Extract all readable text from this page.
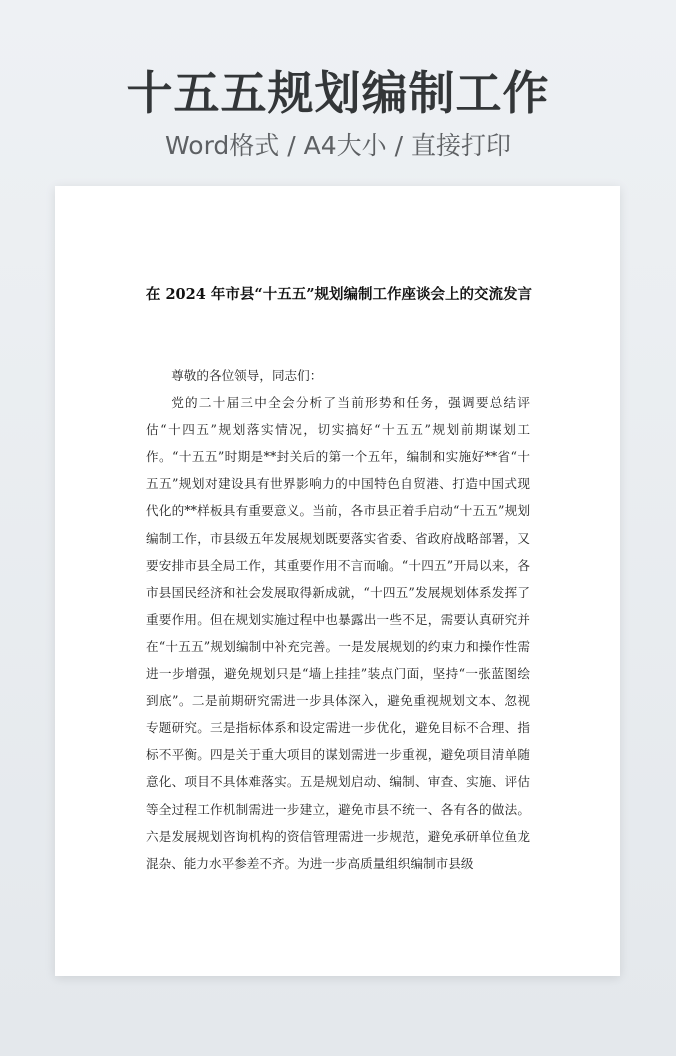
十五五规划编制工作
Word格式 / A4大小 / 直接打印
在 2024 年市县“十五五”规划编制工作座谈会上的交流发言

尊敬的各位领导，同志们：

党的二十届三中全会分析了当前形势和任务，强调要总结评估“十四五”规划落实情况，切实搞好“十五五”规划前期谋划工作。“十五五”时期是**封关后的第一个五年，编制和实施好**省“十五五”规划对建设具有世界影响力的中国特色自贸港、打造中国式现代化的**样板具有重要意义。当前，各市县正着手启动“十五五”规划编制工作，市县级五年发展规划既要落实省委、省政府战略部署，又要安排市县全局工作，其重要作用不言而喻。“十四五”开局以来，各市县国民经济和社会发展取得新成就，“十四五”发展规划体系发挥了重要作用。但在规划实施过程中也暴露出一些不足，需要认真研究并在“十五五”规划编制中补充完善。一是发展规划的约束力和操作性需进一步增强，避免规划只是“墙上挂挂”装点门面，坚持“一张蓝图绘到底”。二是前期研究需进一步具体深入，避免重视规划文本、忽视专题研究。三是指标体系和设定需进一步优化，避免目标不合理、指标不平衡。四是关于重大项目的谋划需进一步重视，避免项目清单随意化、项目不具体难落实。五是规划启动、编制、审查、实施、评估等全过程工作机制需进一步建立，避免市县不统一、各有各的做法。六是发展规划咨询机构的资信管理需进一步规范，避免承研单位鱼龙混杂、能力水平参差不齐。为进一步高质量组织编制市县级
